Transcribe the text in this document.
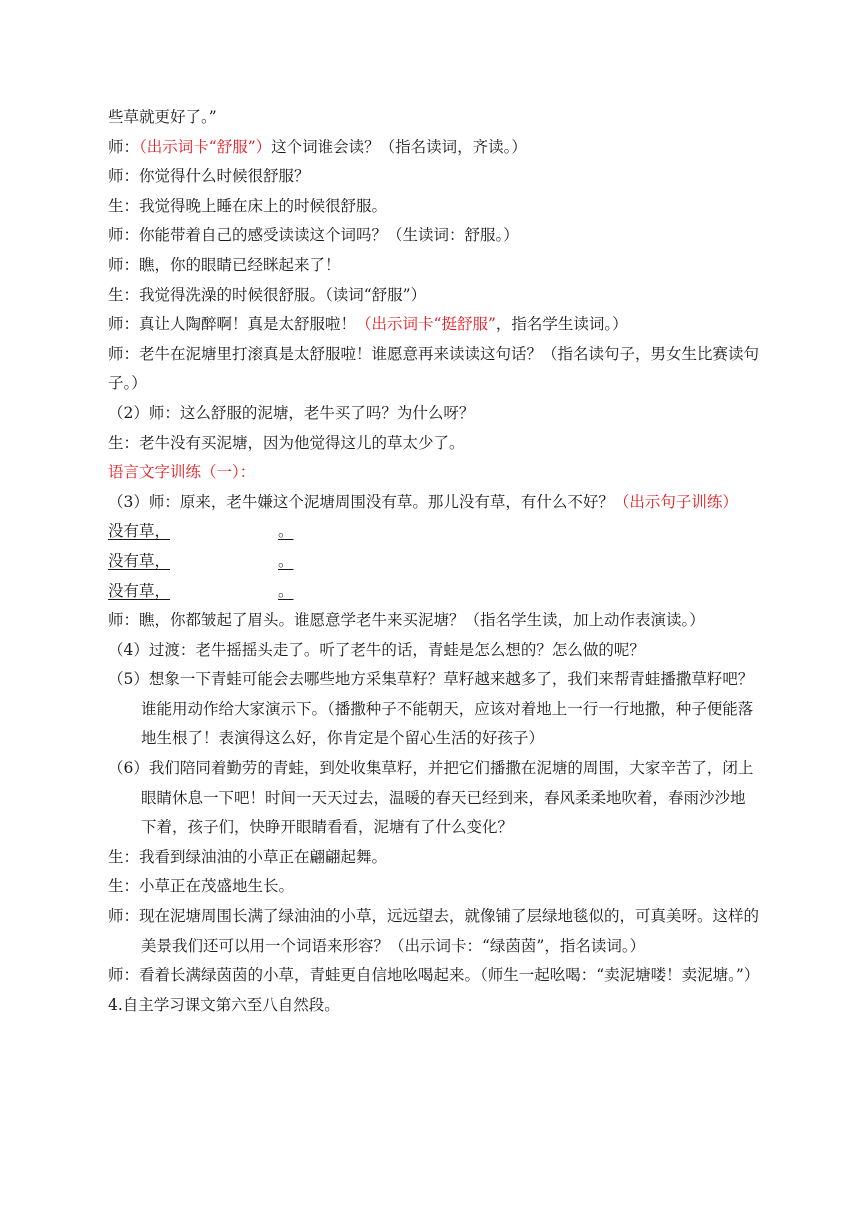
些草就更好了。”
师：（出示词卡“舒服”）这个词谁会读？（指名读词，齐读。）
师：你觉得什么时候很舒服？
生：我觉得晚上睡在床上的时候很舒服。
师：你能带着自己的感受读读这个词吗？（生读词：舒服。）
师：瞧，你的眼睛已经眯起来了！
生：我觉得洗澡的时候很舒服。（读词“舒服”）
师：真让人陶醉啊！真是太舒服啦！（出示词卡“挺舒服”，指名学生读词。）
师：老牛在泥塘里打滚真是太舒服啦！谁愿意再来读读这句话？（指名读句子，男女生比赛读句子。）
（2）师：这么舒服的泥塘，老牛买了吗？为什么呀？
生：老牛没有买泥塘，因为他觉得这儿的草太少了。
语言文字训练（一）：
（3）师：原来，老牛嫌这个泥塘周围没有草。那儿没有草，有什么不好？（出示句子训练）
没有草，	。
没有草，	。
没有草，	。
师：瞧，你都皱起了眉头。谁愿意学老牛来买泥塘？（指名学生读，加上动作表演读。）
（4）过渡：老牛摇摇头走了。听了老牛的话，青蛙是怎么想的？怎么做的呢？
（5）想象一下青蛙可能会去哪些地方采集草籽？草籽越来越多了，我们来帮青蛙播撒草籽吧？谁能用动作给大家演示下。（播撒种子不能朝天，应该对着地上一行一行地撒，种子便能落地生根了！表演得这么好，你肯定是个留心生活的好孩子）
（6）我们陪同着勤劳的青蛙，到处收集草籽，并把它们播撒在泥塘的周围，大家辛苦了，闭上眼睛休息一下吧！时间一天天过去，温暖的春天已经到来，春风柔柔地吹着，春雨沙沙地下着，孩子们，快睁开眼睛看看，泥塘有了什么变化？
生：我看到绿油油的小草正在翩翩起舞。
生：小草正在茂盛地生长。
师：现在泥塘周围长满了绿油油的小草，远远望去，就像铺了层绿地毯似的，可真美呀。这样的美景我们还可以用一个词语来形容？（出示词卡：“绿茵茵”，指名读词。）
师：看着长满绿茵茵的小草，青蛙更自信地吆喝起来。（师生一起吆喝：“卖泥塘喽！卖泥塘。”）
4.自主学习课文第六至八自然段。
